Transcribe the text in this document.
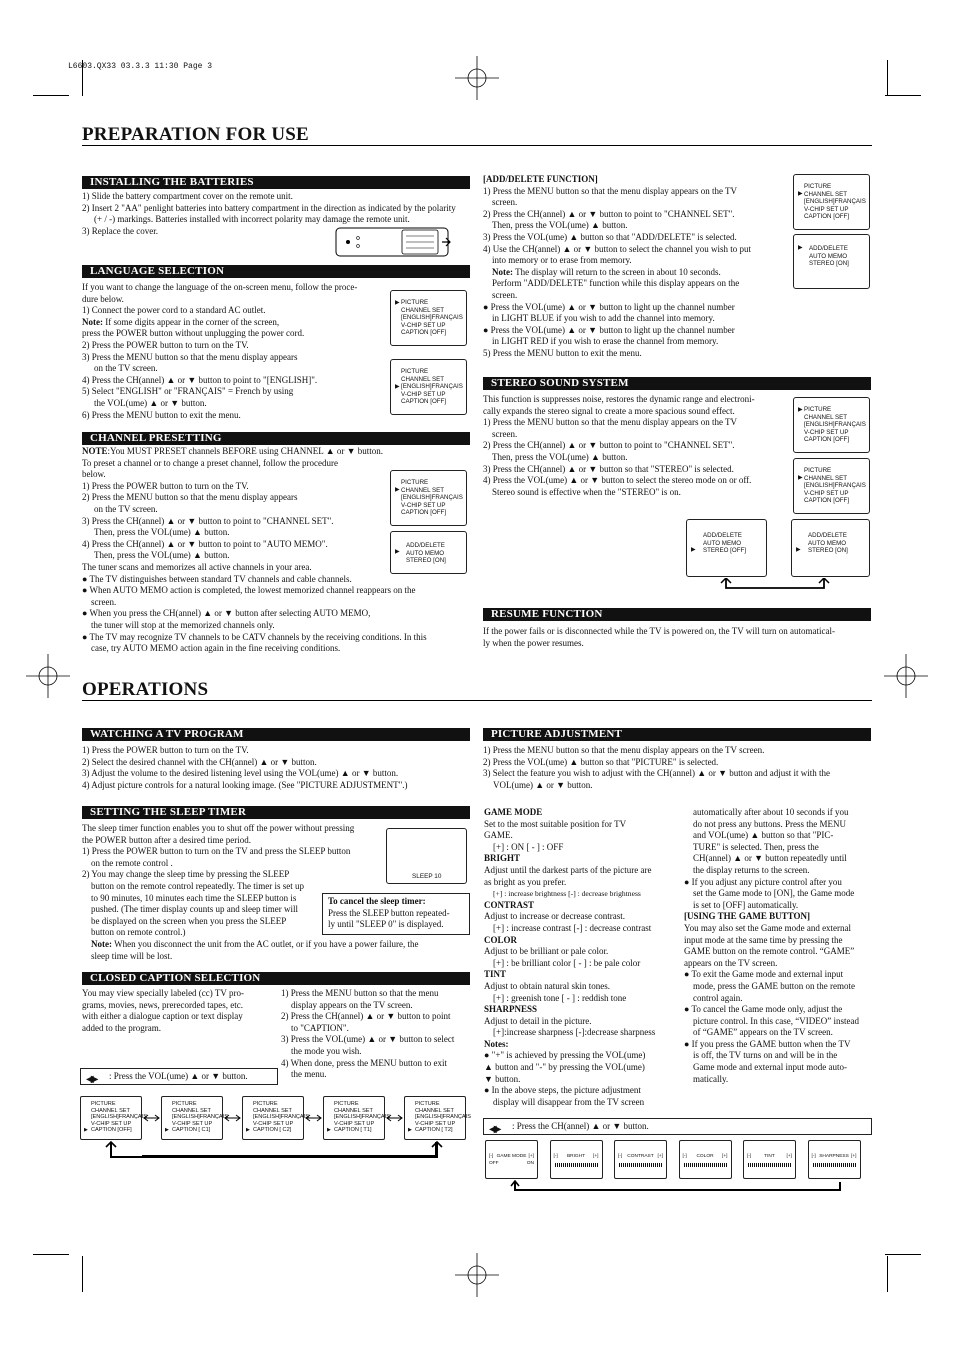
L6603.QX33 03.3.3 11:30 Page 3
PREPARATION FOR USE
INSTALLING THE BATTERIES

1) Slide the battery compartment cover on the remote unit.

2) Insert 2 "AA" penlight batteries into battery compartment in the direction as indicated by the polarity

(+ / -) markings. Batteries installed with incorrect polarity may damage the remote unit.

3) Replace the cover.

LANGUAGE SELECTION

If you want to change the language of the on-screen menu, follow the proce-

dure below.

1) Connect the power cord to a standard AC outlet.

Note: If some digits appear in the corner of the screen,

press the POWER button without unplugging the power cord.

2) Press the POWER button to turn on the TV.

3) Press the MENU button so that the menu display appears

on the TV screen.

4) Press the CH(annel) ▲ or ▼ button to point to "[ENGLISH]".

5) Select "ENGLISH" or "FRANÇAIS" = French by using

the VOL(ume) ▲ or ▼ button.

6) Press the MENU button to exit the menu.

▶ PICTURE
CHANNEL SET
[ENGLISH]FRANÇAIS
V-CHIP SET UP
CAPTION [OFF]
▶
PICTURE
CHANNEL SET
[ENGLISH]FRANÇAIS
V-CHIP SET UP
CAPTION [OFF]
CHANNEL PRESETTING

NOTE:You MUST PRESET channels BEFORE using CHANNEL ▲ or ▼ button.

To preset a channel or to change a preset channel, follow the procedure

below.

1) Press the POWER button to turn on the TV.

2) Press the MENU button so that the menu display appears

on the TV screen.

3) Press the CH(annel) ▲ or ▼ button to point to "CHANNEL SET".

Then, press the VOL(ume) ▲ button.

4) Press the CH(annel) ▲ or ▼ button to point to "AUTO MEMO".

Then, press the VOL(ume) ▲ button.

The tuner scans and memorizes all active channels in your area.

● The TV distinguishes between standard TV channels and cable channels.

● When AUTO MEMO action is completed, the lowest memorized channel reappears on the

screen.

● When you press the CH(annel) ▲ or ▼ button after selecting AUTO MEMO,

the tuner will stop at the memorized channels only.

● The TV may recognize TV channels to be CATV channels by the receiving conditions. In this

case, try AUTO MEMO action again in the fine receiving conditions.

▶
PICTURE
CHANNEL SET
[ENGLISH]FRANÇAIS
V-CHIP SET UP
CAPTION [OFF]
▶
ADD/DELETE
AUTO MEMO
STEREO [ON]

[ADD/DELETE FUNCTION]

1) Press the MENU button so that the menu display appears on the TV

screen.

2) Press the CH(annel) ▲ or ▼ button to point to "CHANNEL SET".

Then, press the VOL(ume) ▲ button.

3) Press the VOL(ume) ▲ button so that "ADD/DELETE" is selected.

4) Use the CH(annel) ▲ or ▼ button to select the channel you wish to put

into memory or to erase from memory.

Note: The display will return to the screen in about 10 seconds.

Perform "ADD/DELETE" function while this display appears on the

screen.

● Press the VOL(ume) ▲ or ▼ button to light up the channel number

in LIGHT BLUE if you wish to add the channel into memory.

● Press the VOL(ume) ▲ or ▼ button to light up the channel number

in LIGHT RED if you wish to erase the channel from memory.

5) Press the MENU button to exit the menu.

▶
PICTURE
CHANNEL SET
[ENGLISH]FRANÇAIS
V-CHIP SET UP
CAPTION [OFF]
▶ ADD/DELETE
AUTO MEMO
STEREO [ON]
STEREO SOUND SYSTEM

This function is suppresses noise, restores the dynamic range and electroni-

cally expands the stereo signal to create a more spacious sound effect.

1) Press the MENU button so that the menu display appears on the TV

screen.

2) Press the CH(annel) ▲ or ▼ button to point to "CHANNEL SET".

Then, press the VOL(ume) ▲ button.

3) Press the CH(annel) ▲ or ▼ button so that "STEREO" is selected.

4) Press the VOL(ume) ▲ or ▼ button to select the stereo mode on or off.

Stereo sound is effective when the "STEREO" is on.

▶ PICTURE
CHANNEL SET
[ENGLISH]FRANÇAIS
V-CHIP SET UP
CAPTION [OFF]
▶
PICTURE
CHANNEL SET
[ENGLISH]FRANÇAIS
V-CHIP SET UP
CAPTION [OFF]
▶
ADD/DELETE
AUTO MEMO
STEREO [OFF]	▶
ADD/DELETE
AUTO MEMO
STEREO [ON]
RESUME FUNCTION

If the power fails or is disconnected while the TV is powered on, the TV will turn on automatical-

ly when the power resumes.

OPERATIONS
WATCHING A TV PROGRAM

1) Press the POWER button to turn on the TV.

2) Select the desired channel with the CH(annel) ▲ or ▼ button.

3) Adjust the volume to the desired listening level using the VOL(ume) ▲ or ▼ button.

4) Adjust picture controls for a natural looking image. (See "PICTURE ADJUSTMENT".)

SETTING THE SLEEP TIMER

The sleep timer function enables you to shut off the power without pressing

the POWER button after a desired time period.

1) Press the POWER button to turn on the TV and press the SLEEP button

on the remote control .

2) You may change the sleep time by pressing the SLEEP

button on the remote control repeatedly. The timer is set up

to 90 minutes, 10 minutes each time the SLEEP button is

pushed. (The timer display counts up and sleep timer will

be displayed on the screen when you press the SLEEP

button on remote control.)

Note: When you disconnect the unit from the AC outlet, or if you have a power failure, the

sleep time will be lost.

SLEEP 10

To cancel the sleep timer:

Press the SLEEP button repeated-

ly until "SLEEP 0" is displayed.

CLOSED CAPTION SELECTION

You may view specially labeled (cc) TV pro-

grams, movies, news, prerecorded tapes, etc.

with either a dialogue caption or text display

added to the program.

1) Press the MENU button so that the menu

display appears on the TV screen.

2) Press the CH(annel) ▲ or ▼ button to point

to "CAPTION".

3) Press the VOL(ume) ▲ or ▼ button to select

the mode you wish.

4) When done, press the MENU button to exit

the menu.

◀▶ : Press the VOL(ume) ▲ or ▼ button.
▶
PICTURE
CHANNEL SET
[ENGLISH]FRANÇAIS
V-CHIP SET UP
CAPTION [OFF]	▶
PICTURE
CHANNEL SET
[ENGLISH]FRANÇAIS
V-CHIP SET UP
CAPTION [ C1]	▶
PICTURE
CHANNEL SET
[ENGLISH]FRANÇAIS
V-CHIP SET UP
CAPTION [ C2]	▶
PICTURE
CHANNEL SET
[ENGLISH]FRANÇAIS
V-CHIP SET UP
CAPTION [ T1]	▶
PICTURE
CHANNEL SET
[ENGLISH]FRANÇAIS
V-CHIP SET UP
CAPTION [ T2]
PICTURE ADJUSTMENT

1) Press the MENU button so that the menu display appears on the TV screen.

2) Press the VOL(ume) ▲ button so that "PICTURE" is selected.

3) Select the feature you wish to adjust with the CH(annel) ▲ or ▼ button and adjust it with the

VOL(ume) ▲ or ▼ button.

GAME MODE

Set to the most suitable position for TV

GAME.

[+] : ON [ - ] : OFF

BRIGHT

Adjust until the darkest parts of the picture are

as bright as you prefer.

[+] : increase brightness [-] : decrease brightness

CONTRAST

Adjust to increase or decrease contrast.

[+] : increase contrast [-] : decrease contrast

COLOR

Adjust to be brilliant or pale color.

[+] : be brilliant color [ - ] : be pale color

TINT

Adjust to obtain natural skin tones.

[+] : greenish tone [ - ] : reddish tone

SHARPNESS

Adjust to detail in the picture.

[+]:increase sharpness [-]:decrease sharpness

Notes:

● "+" is achieved by pressing the VOL(ume)

▲ button and "-" by pressing the VOL(ume)

▼ button.

● In the above steps, the picture adjustment

display will disappear from the TV screen

automatically after about 10 seconds if you

do not press any buttons. Press the MENU

and VOL(ume) ▲ button so that "PIC-

TURE" is selected. Then, press the

CH(annel) ▲ or ▼ button repeatedly until

the display returns to the screen.

● If you adjust any picture control after you

set the Game mode to [ON], the Game mode

is set to [OFF] automatically.

[USING THE GAME BUTTON]

You may also set the Game mode and external

input mode at the same time by pressing the

GAME button on the remote control. “GAME”

appears on the TV screen.

● To exit the Game mode and external input

mode, press the GAME button on the remote

control again.

● To cancel the Game mode only, adjust the

picture control. In this case, “VIDEO” instead

of “GAME” appears on the TV screen.

● If you press the GAME button when the TV

is off, the TV turns on and will be in the

Game mode and external input mode auto-

matically.

◀▶ : Press the CH(annel) ▲ or ▼ button.
[-]	[+]
GAME MODE
OFF	ON
[-]	[+]
BRIGHT	[-]	[+]
CONTRAST	[-]	[+]
COLOR	[-]	[+]
TINT	[-]	[+]
SHARPNESS
